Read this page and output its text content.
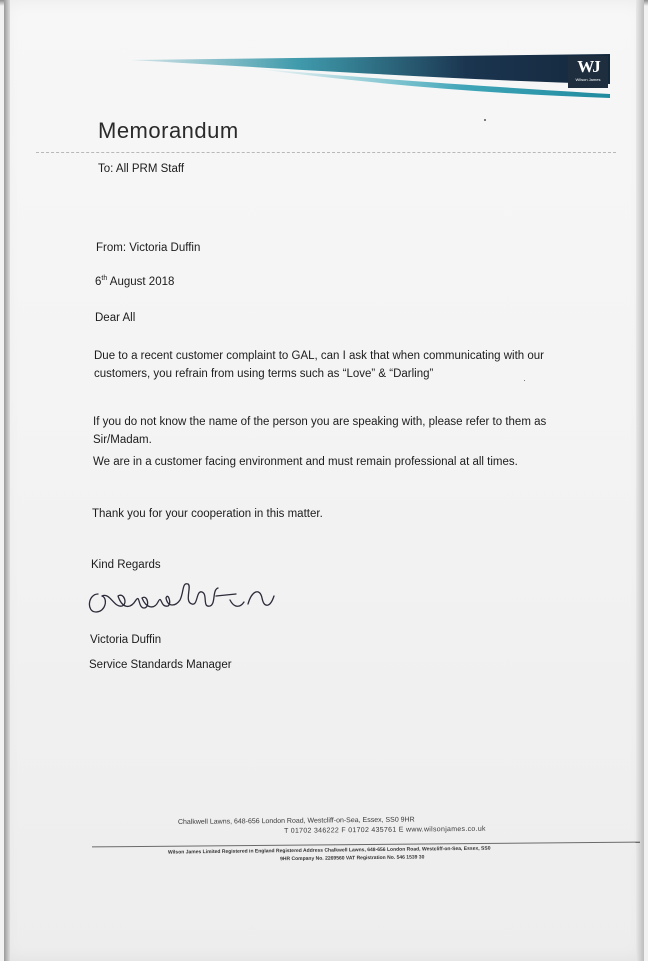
WJ
Wilson James
Memorandum
To: All PRM Staff
From: Victoria Duffin
6th August 2018
Dear All
Due to a recent customer complaint to GAL, can I ask that when communicating with our customers, you refrain from using terms such as “Love” & “Darling”
If you do not know the name of the person you are speaking with, please refer to them as Sir/Madam.
We are in a customer facing environment and must remain professional at all times.
Thank you for your cooperation in this matter.
Kind Regards
Victoria Duffin
Service Standards Manager
Chalkwell Lawns, 648-656 London Road, Westcliff-on-Sea, Essex, SS0 9HR
T 01702 346222 F 01702 435761 E www.wilsonjames.co.uk
Wilson James Limited Registered in England Registered Address Chalkwell Lawns, 648-656 London Road, Westcliff-on-Sea, Essex, SS0
9HR Company No. 2269560 VAT Registration No. 546 1539 30
